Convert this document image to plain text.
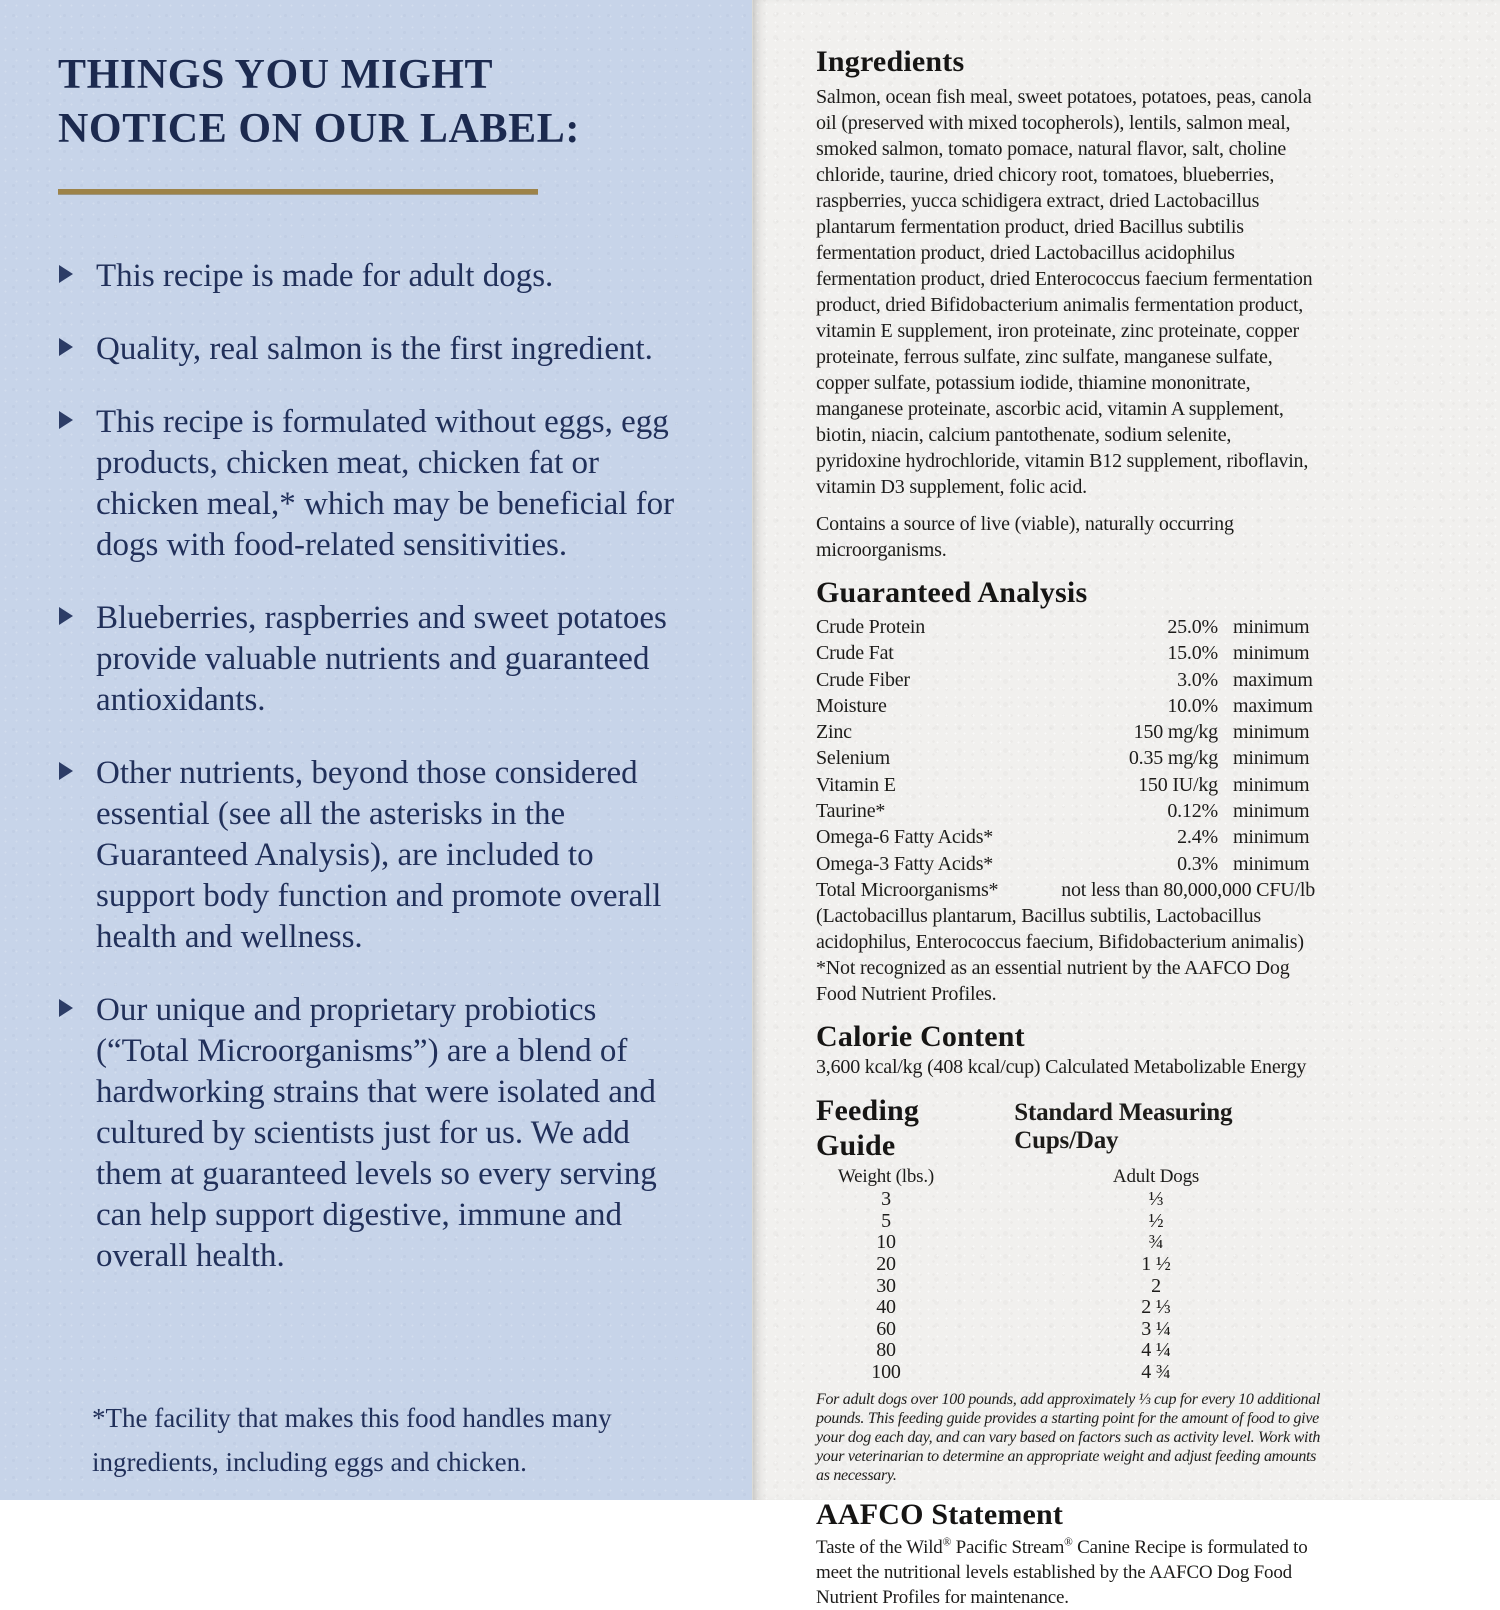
THINGS YOU MIGHT
NOTICE ON OUR LABEL:
This recipe is made for adult dogs.
Quality, real salmon is the first ingredient.
This recipe is formulated without eggs, egg products, chicken meat, chicken fat or chicken meal,* which may be beneficial for dogs with food-related sensitivities.
Blueberries, raspberries and sweet potatoes provide valuable nutrients and guaranteed antioxidants.
Other nutrients, beyond those considered essential (see all the asterisks in the Guaranteed Analysis), are included to support body function and promote overall health and wellness.
Our unique and proprietary probiotics (“Total Microorganisms”) are a blend of hardworking strains that were isolated and cultured by scientists just for us. We add them at guaranteed levels so every serving can help support digestive, immune and overall health.

*The facility that makes this food handles many ingredients, including eggs and chicken.

Ingredients

Salmon, ocean fish meal, sweet potatoes, potatoes, peas, canola oil (preserved with mixed tocopherols), lentils, salmon meal, smoked salmon, tomato pomace, natural flavor, salt, choline chloride, taurine, dried chicory root, tomatoes, blueberries, raspberries, yucca schidigera extract, dried Lactobacillus plantarum fermentation product, dried Bacillus subtilis fermentation product, dried Lactobacillus acidophilus fermentation product, dried Enterococcus faecium fermentation product, dried Bifidobacterium animalis fermentation product, vitamin E supplement, iron proteinate, zinc proteinate, copper proteinate, ferrous sulfate, zinc sulfate, manganese sulfate, copper sulfate, potassium iodide, thiamine mononitrate, manganese proteinate, ascorbic acid, vitamin A supplement, biotin, niacin, calcium pantothenate, sodium selenite, pyridoxine hydrochloride, vitamin B12 supplement, riboflavin, vitamin D3 supplement, folic acid.

Contains a source of live (viable), naturally occurring microorganisms.

Guaranteed Analysis
Crude Protein	25.0% minimum
Crude Fat	15.0% minimum
Crude Fiber	3.0% maximum
Moisture	10.0% maximum
Zinc	150 mg/kg minimum
Selenium	0.35 mg/kg minimum
Vitamin E	150 IU/kg minimum
Taurine*	0.12% minimum
Omega-6 Fatty Acids*	2.4% minimum
Omega-3 Fatty Acids*	0.3% minimum
Total Microorganisms*	not less than 80,000,000 CFU/lb

(Lactobacillus plantarum, Bacillus subtilis, Lactobacillus acidophilus, Enterococcus faecium, Bifidobacterium animalis)

*Not recognized as an essential nutrient by the AAFCO Dog Food Nutrient Profiles.

Calorie Content

3,600 kcal/kg (408 kcal/cup) Calculated Metabolizable Energy

Feeding Guide
Standard Measuring Cups/Day
Weight (lbs.)	Adult Dogs
3	⅓
5	½
10	¾
20	1 ½
30	2
40	2 ⅓
60	3 ¼
80	4 ¼
100	4 ¾

For adult dogs over 100 pounds, add approximately ⅓ cup for every 10 additional pounds. This feeding guide provides a starting point for the amount of food to give your dog each day, and can vary based on factors such as activity level. Work with your veterinarian to determine an appropriate weight and adjust feeding amounts as necessary.

AAFCO Statement

Taste of the Wild® Pacific Stream® Canine Recipe is formulated to meet the nutritional levels established by the AAFCO Dog Food Nutrient Profiles for maintenance.
